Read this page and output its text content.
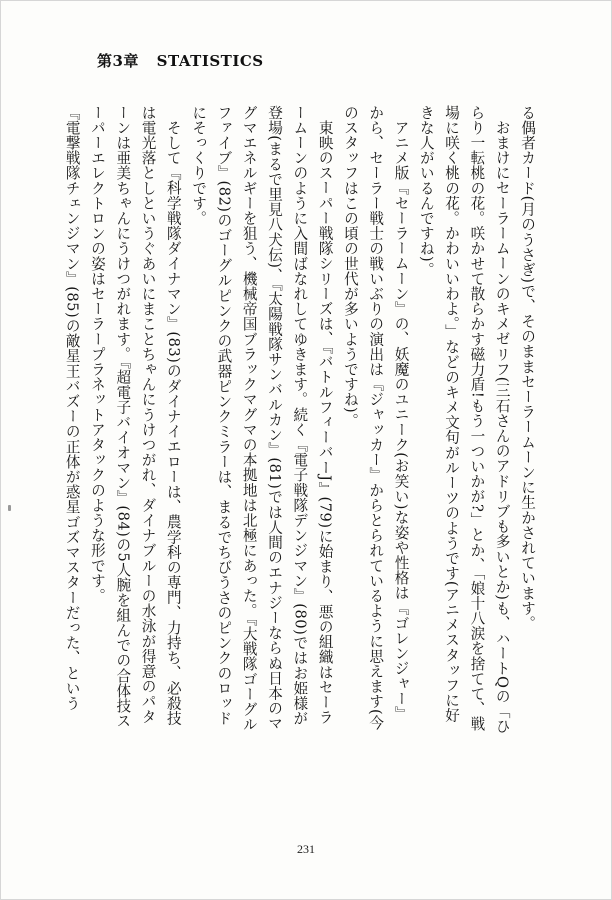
第3章 STATISTICS

る偶者カード(月のうさぎ)で、そのままセーラームーンに生かされています。

おまけにセーラームーンのキメゼリフ(三石さんのアドリブも多いとか)も、ハートQの「ひらり一転桃の花。咲かせて散らかす磁力盾!もう一ついかが?」とか、「娘十八涙を捨てて、戦場に咲く桃の花。かわいいわよ。」などのキメ文句がルーツのようです(アニメスタッフに好きな人がいるんですね)。

アニメ版『セーラームーン』の、妖魔のユニーク(お笑い)な姿や性格は『ゴレンジャー』から、セーラー戦士の戦いぶりの演出は『ジャッカー』からとられているように思えます(今のスタッフはこの頃の世代が多いようですね)。

東映のスーパー戦隊シリーズは、『バトルフィーバーJ』(79)に始まり、悪の組織はセーラームーンのように入間ばなれしてゆきます。続く『電子戦隊デンジマン』(80)ではお姫様が登場(まるで里見八犬伝)、『太陽戦隊サンバルカン』(81)では人間のエナジーならぬ日本のマグマエネルギーを狙う、機械帝国ブラックマグマの本拠地は北極にあった。『大戦隊ゴーグルファイブ』(82)のゴーグルピンクの武器ピンクミラーは、まるでちびうさのピンクのロッドにそっくりです。

そして『科学戦隊ダイナマン』(83)のダイナイエローは、農学科の専門、力持ち、必殺技は電光落としというぐあいにまことちゃんにうけつがれ、ダイナブルーの水泳が得意のパターンは亜美ちゃんにうけつがれます。『超電子バイオマン』(84)の5人腕を組んでの合体技スーパーエレクトロンの姿はセーラープラネットアタックのような形です。

『電撃戦隊チェンジマン』(85)の敵星王バズーの正体が惑星ゴズマスターだった、という

231
